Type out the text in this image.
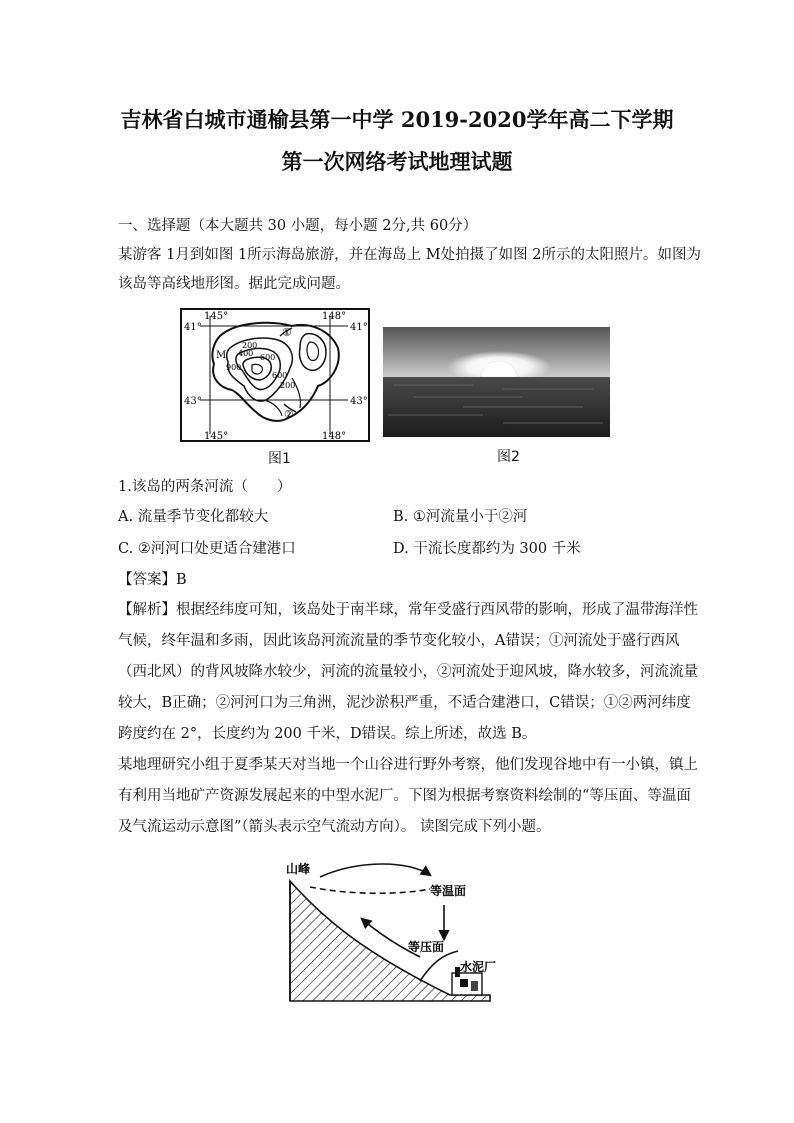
吉林省白城市通榆县第一中学 2019-2020学年高二下学期
第一次网络考试地理试题
一、选择题（本大题共 30 小题，每小题 2分,共 60分）
某游客 1月到如图 1所示海岛旅游，并在海岛上 M处拍摄了如图 2所示的太阳照片。如图为
该岛等高线地形图。据此完成问题。
145°	148°
41°	41°
43°	43°
145°	148°
M
①
②
200
400 600
900
600
200
图1	图2
1.该岛的两条河流（　　）
A. 流量季节变化都较大	B. ①河流量小于②河
C. ②河河口处更适合建港口	D. 干流长度都约为 300 千米
【答案】B
【解析】根据经纬度可知，该岛处于南半球，常年受盛行西风带的影响，形成了温带海洋性
气候，终年温和多雨，因此该岛河流流量的季节变化较小，A错误；①河流处于盛行西风
（西北风）的背风坡降水较少，河流的流量较小，②河流处于迎风坡，降水较多，河流流量
较大，B正确；②河河口为三角洲，泥沙淤积严重，不适合建港口，C错误；①②两河纬度
跨度约在 2°，长度约为 200 千米，D错误。综上所述，故选 B。
某地理研究小组于夏季某天对当地一个山谷进行野外考察，他们发现谷地中有一小镇，镇上
有利用当地矿产资源发展起来的中型水泥厂。下图为根据考察资料绘制的“等压面、等温面
及气流运动示意图”（箭头表示空气流动方向）。 读图完成下列小题。
山峰
等温面
等压面
水泥厂
